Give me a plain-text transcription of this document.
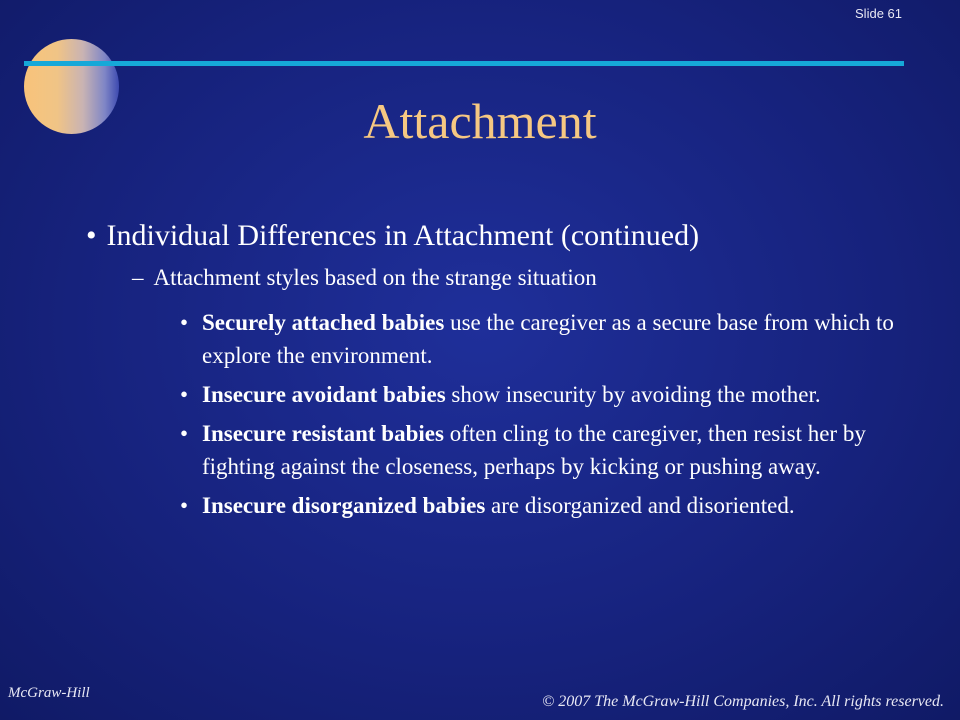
Slide 61
Attachment
• Individual Differences in Attachment (continued)
– Attachment styles based on the strange situation
• Securely attached babies use the caregiver as a secure base from which to explore the environment.
• Insecure avoidant babies show insecurity by avoiding the mother.
• Insecure resistant babies often cling to the caregiver, then resist her by fighting against the closeness, perhaps by kicking or pushing away.
• Insecure disorganized babies are disorganized and disoriented.
McGraw-Hill	© 2007 The McGraw-Hill Companies, Inc. All rights reserved.
